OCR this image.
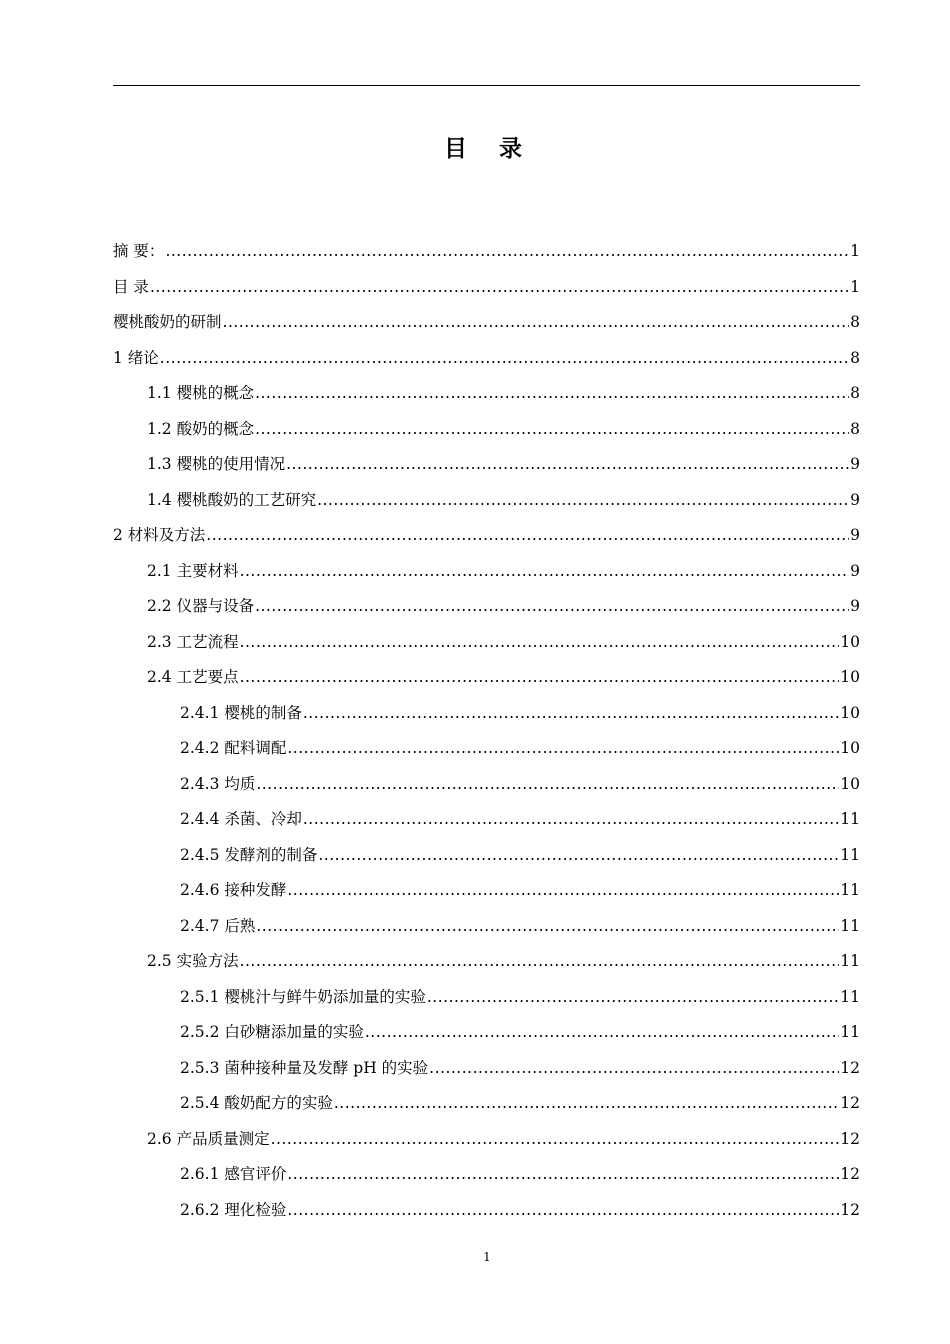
目 录
摘 要： .....	1
目 录 .....	1
樱桃酸奶的研制 .....	8
1 绪论 .....	8
1.1 樱桃的概念 .....	8
1.2 酸奶的概念 .....	8
1.3 樱桃的使用情况 .....	9
1.4 樱桃酸奶的工艺研究 .....	9
2 材料及方法 .....	9
2.1 主要材料 .....	9
2.2 仪器与设备 .....	9
2.3 工艺流程 .....	10
2.4 工艺要点 .....	10
2.4.1 樱桃的制备 .....	10
2.4.2 配料调配 .....	10
2.4.3 均质 .....	10
2.4.4 杀菌、冷却 .....	11
2.4.5 发酵剂的制备 .....	11
2.4.6 接种发酵 .....	11
2.4.7 后熟 .....	11
2.5 实验方法 .....	11
2.5.1 樱桃汁与鲜牛奶添加量的实验 .....	11
2.5.2 白砂糖添加量的实验 .....	11
2.5.3 菌种接种量及发酵 pH 的实验 .....	12
2.5.4 酸奶配方的实验 .....	12
2.6 产品质量测定 .....	12
2.6.1 感官评价 .....	12
2.6.2 理化检验 .....	12
1
